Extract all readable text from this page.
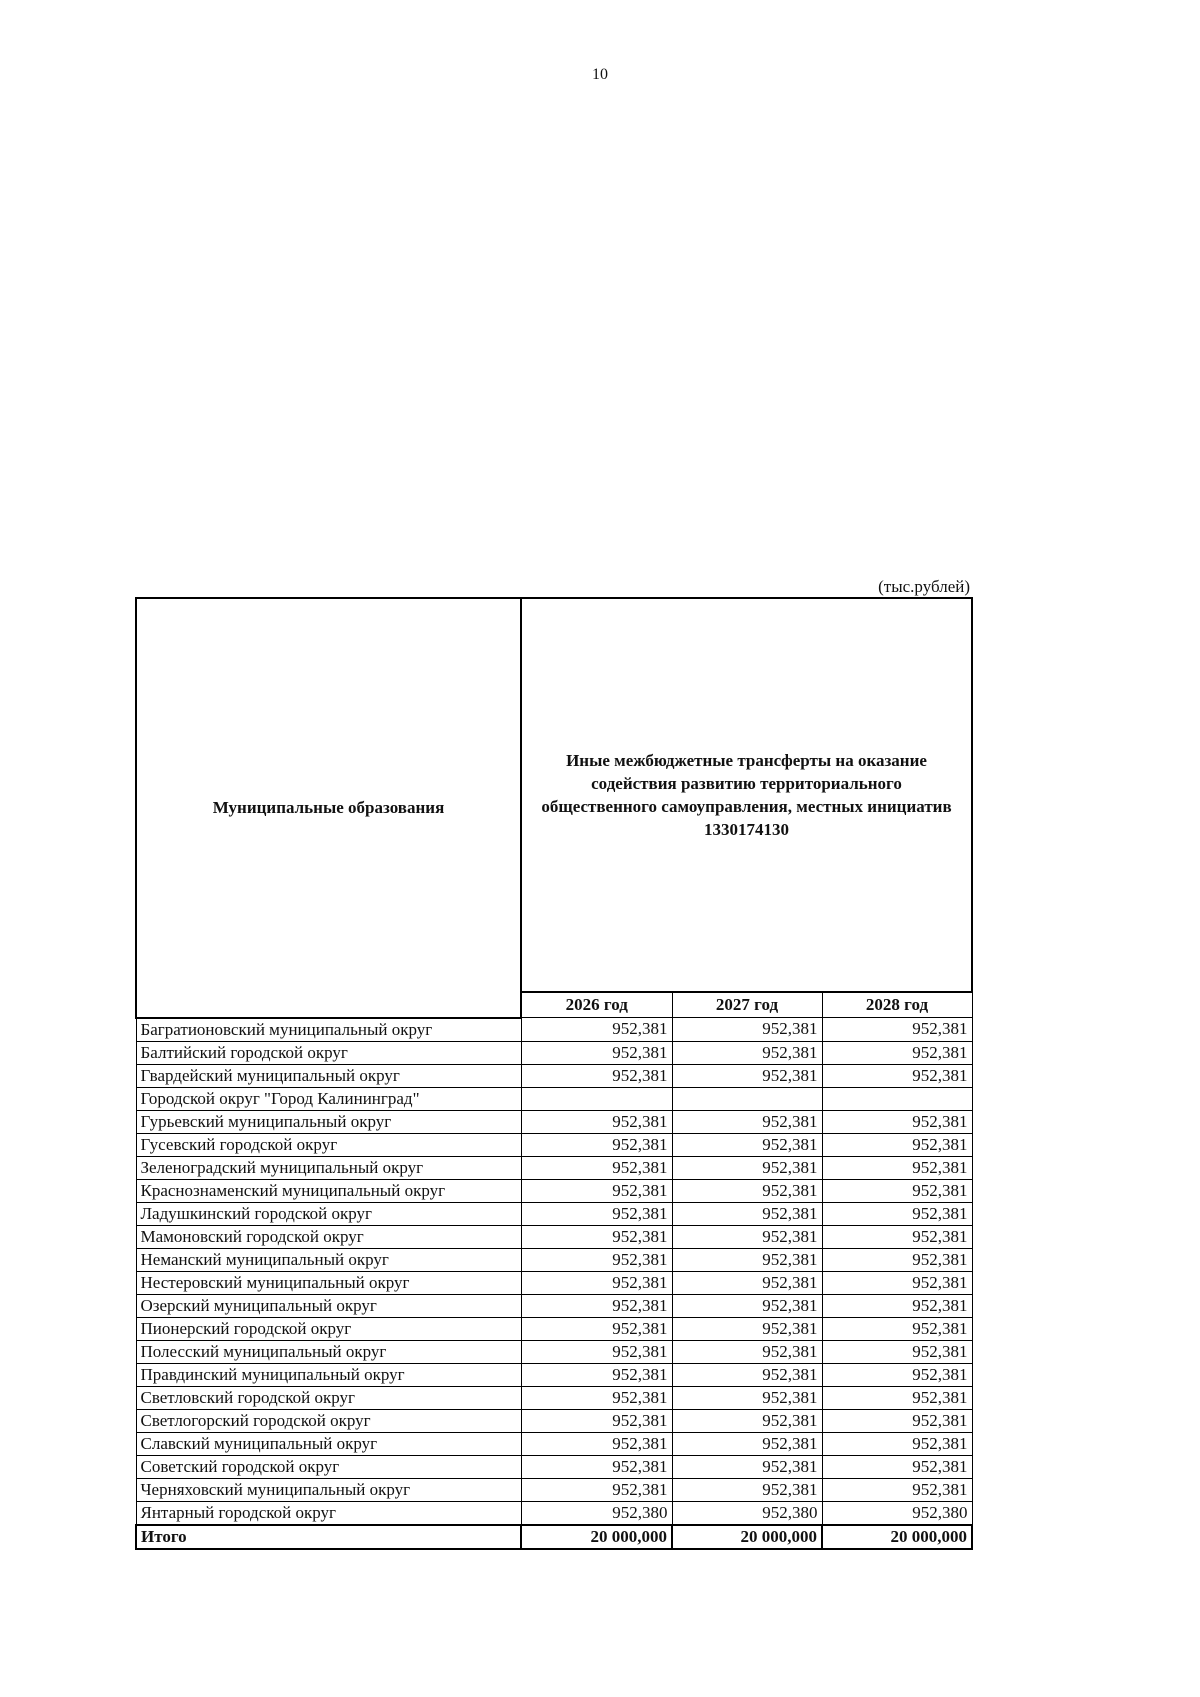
10
(тыс.рублей)
Муниципальные образования	Иные межбюджетные трансферты на оказание
содействия развитию территориального
общественного самоуправления, местных инициатив
1330174130		

	2026 год	2027 год	2028 год
Багратионовский муниципальный округ	952,381	952,381	952,381
Балтийский городской округ	952,381	952,381	952,381
Гвардейский муниципальный округ	952,381	952,381	952,381
Городской округ "Город Калининград"			
Гурьевский муниципальный округ	952,381	952,381	952,381
Гусевский городской округ	952,381	952,381	952,381
Зеленоградский муниципальный округ	952,381	952,381	952,381
Краснознаменский муниципальный округ	952,381	952,381	952,381
Ладушкинский городской округ	952,381	952,381	952,381
Мамоновский городской округ	952,381	952,381	952,381
Неманский муниципальный округ	952,381	952,381	952,381
Нестеровский муниципальный округ	952,381	952,381	952,381
Озерский муниципальный округ	952,381	952,381	952,381
Пионерский городской округ	952,381	952,381	952,381
Полесский муниципальный округ	952,381	952,381	952,381
Правдинский муниципальный округ	952,381	952,381	952,381
Светловский городской округ	952,381	952,381	952,381
Светлогорский городской округ	952,381	952,381	952,381
Славский муниципальный округ	952,381	952,381	952,381
Советский городской округ	952,381	952,381	952,381
Черняховский муниципальный округ	952,381	952,381	952,381
Янтарный городской округ	952,380	952,380	952,380
Итого	20 000,000	20 000,000	20 000,000
